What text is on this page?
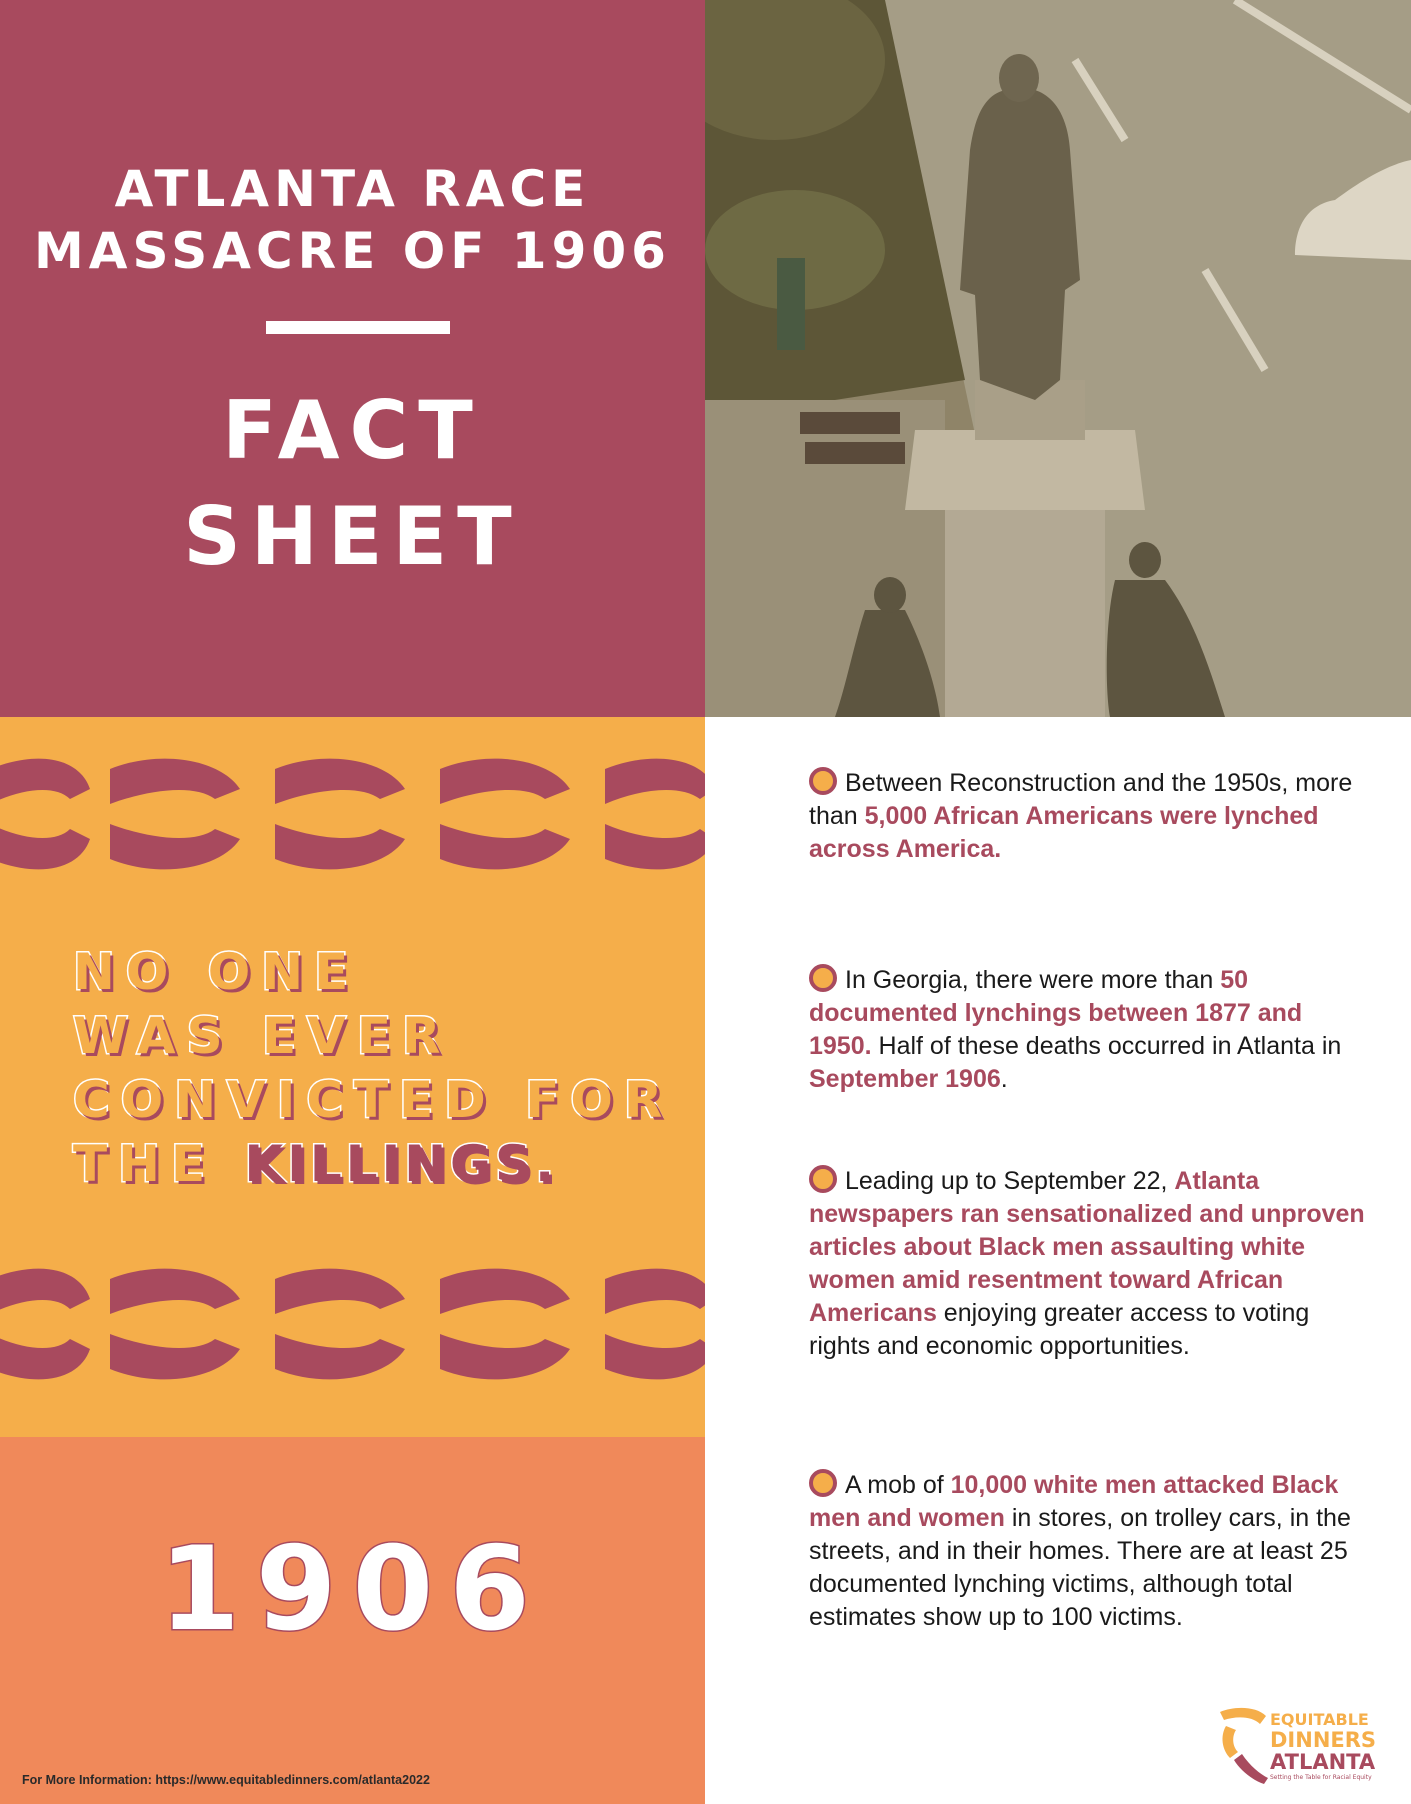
ATLANTA RACE
MASSACRE OF 1906
FACT
SHEET
NO ONE
WAS EVER
CONVICTED FOR
THE KILLINGS.
1906
For More Information: https://www.equitabledinners.com/atlanta2022
Between Reconstruction and the 1950s, more than 5,000 African Americans were lynched across America.
In Georgia, there were more than 50 documented lynchings between 1877 and 1950. Half of these deaths occurred in Atlanta in September 1906.
Leading up to September 22, Atlanta newspapers ran sensationalized and unproven articles about Black men assaulting white women amid resentment toward African Americans enjoying greater access to voting rights and economic opportunities.
A mob of 10,000 white men attacked Black men and women in stores, on trolley cars, in the streets, and in their homes. There are at least 25 documented lynching victims, although total estimates show up to 100 victims.
EQUITABLE
DINNERS
ATLANTA
Setting the Table for Racial Equity
